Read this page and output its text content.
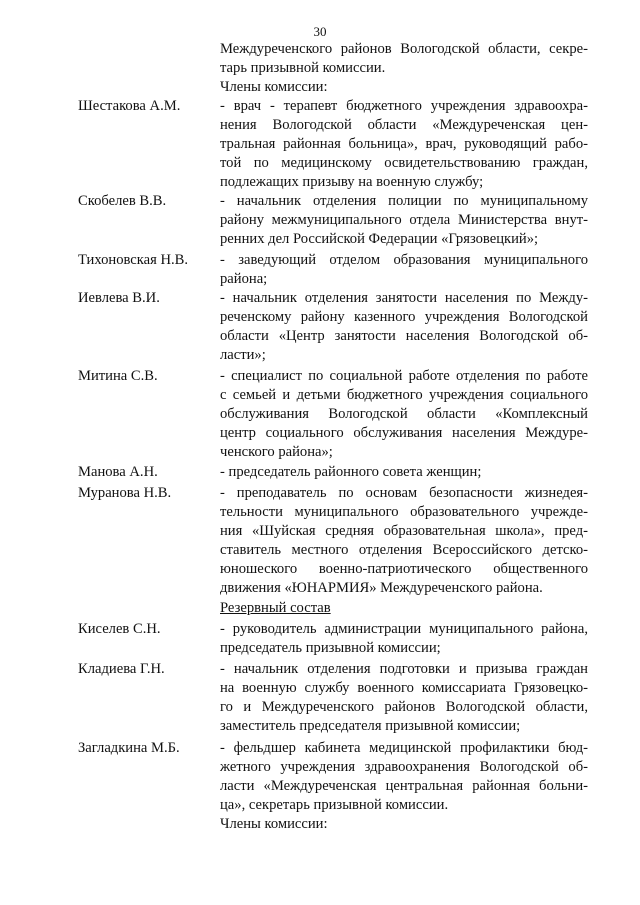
30
Междуреченского районов Вологодской области, секре-
тарь призывной комиссии.
Члены комиссии:
Шестакова А.М.	- врач - терапевт бюджетного учреждения здравоохра-
нения Вологодской области «Междуреченская цен-
тральная районная больница», врач, руководящий рабо-
той по медицинскому освидетельствованию граждан,
подлежащих призыву на военную службу;
Скобелев В.В.	- начальник отделения полиции по муниципальному
району межмуниципального отдела Министерства внут-
ренних дел Российской Федерации «Грязовецкий»;
Тихоновская Н.В. - заведующий отделом образования муниципального
района;
Иевлева В.И.	- начальник отделения занятости населения по Между-
реченскому району казенного учреждения Вологодской
области «Центр занятости населения Вологодской об-
ласти»;
Митина С.В.	- специалист по социальной работе отделения по работе
с семьей и детьми бюджетного учреждения социального
обслуживания Вологодской области «Комплексный
центр социального обслуживания населения Междуре-
ченского района»;
Манова А.Н.	- председатель районного совета женщин;
Муранова Н.В.	- преподаватель по основам безопасности жизнедея-
тельности муниципального образовательного учрежде-
ния «Шуйская средняя образовательная школа», пред-
ставитель местного отделения Всероссийского детско-
юношеского военно-патриотического общественного
движения «ЮНАРМИЯ» Междуреченского района.
Резервный состав
Киселев С.Н.	- руководитель администрации муниципального района,
председатель призывной комиссии;
Кладиева Г.Н.	- начальник отделения подготовки и призыва граждан
на военную службу военного комиссариата Грязовецко-
го и Междуреченского районов Вологодской области,
заместитель председателя призывной комиссии;
Загладкина М.Б.	- фельдшер кабинета медицинской профилактики бюд-
жетного учреждения здравоохранения Вологодской об-
ласти «Междуреченская центральная районная больни-
ца», секретарь призывной комиссии.
Члены комиссии:
